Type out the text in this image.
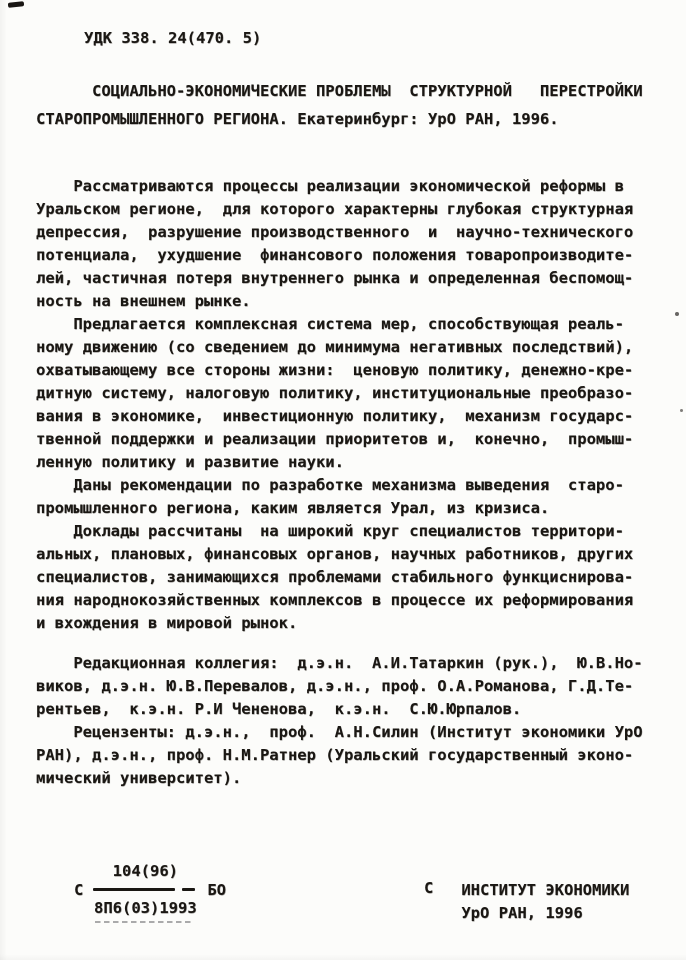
УДК 338. 24(470. 5)
СОЦИАЛЬНО-ЭКОНОМИЧЕСКИЕ ПРОБЛЕМЫ  СТРУКТУРНОЙ   ПЕРЕСТРОЙКИ
СТАРОПРОМЫШЛЕННОГО РЕГИОНА. Екатеринбург: УрО РАН, 1996.
Рассматриваются процессы реализации экономической реформы в
Уральском регионе,  для которого характерны глубокая структурная
депрессия,  разрушение производственного  и  научно-технического
потенциала,  ухудшение  финансового положения товаропроизводите-
лей, частичная потеря внутреннего рынка и определенная беспомощ-
ность на внешнем рынке.
Предлагается комплексная система мер, способствующая реаль-
ному движению (со сведением до минимума негативных последствий),
охватывающему все стороны жизни:  ценовую политику, денежно-кре-
дитную систему, налоговую политику, институциональные преобразо-
вания в экономике,  инвестиционную политику,  механизм государс-
твенной поддержки и реализации приоритетов и,  конечно,  промыш-
ленную политику и развитие науки.
Даны рекомендации по разработке механизма выведения  старо-
промышленного региона, каким является Урал, из кризиса.
Доклады рассчитаны  на широкий круг специалистов территори-
альных, плановых, финансовых органов, научных работников, других
специалистов, занимающихся проблемами стабильного функциснирова-
ния народнокозяйственных комплексов в процессе их реформирования
и вхождения в мировой рынок.
Редакционная коллегия:  д.э.н.  А.И.Татаркин (рук.),  Ю.В.Но-
виков, д.э.н. Ю.В.Перевалов, д.э.н., проф. О.А.Романова, Г.Д.Те-
рентьев,  к.э.н. Р.И Чененова,  к.э.н.  С.Ю.Юрпалов.
Рецензенты: д.э.н.,  проф.  А.Н.Силин (Институт экономики УрО
РАН), д.э.н., проф. Н.М.Ратнер (Уральский государственный эконо-
мический университет).
С
104(96)
8П6(03)1993
БО	С ИНСТИТУТ ЭКОНОМИКИ
УрО РАН, 1996
